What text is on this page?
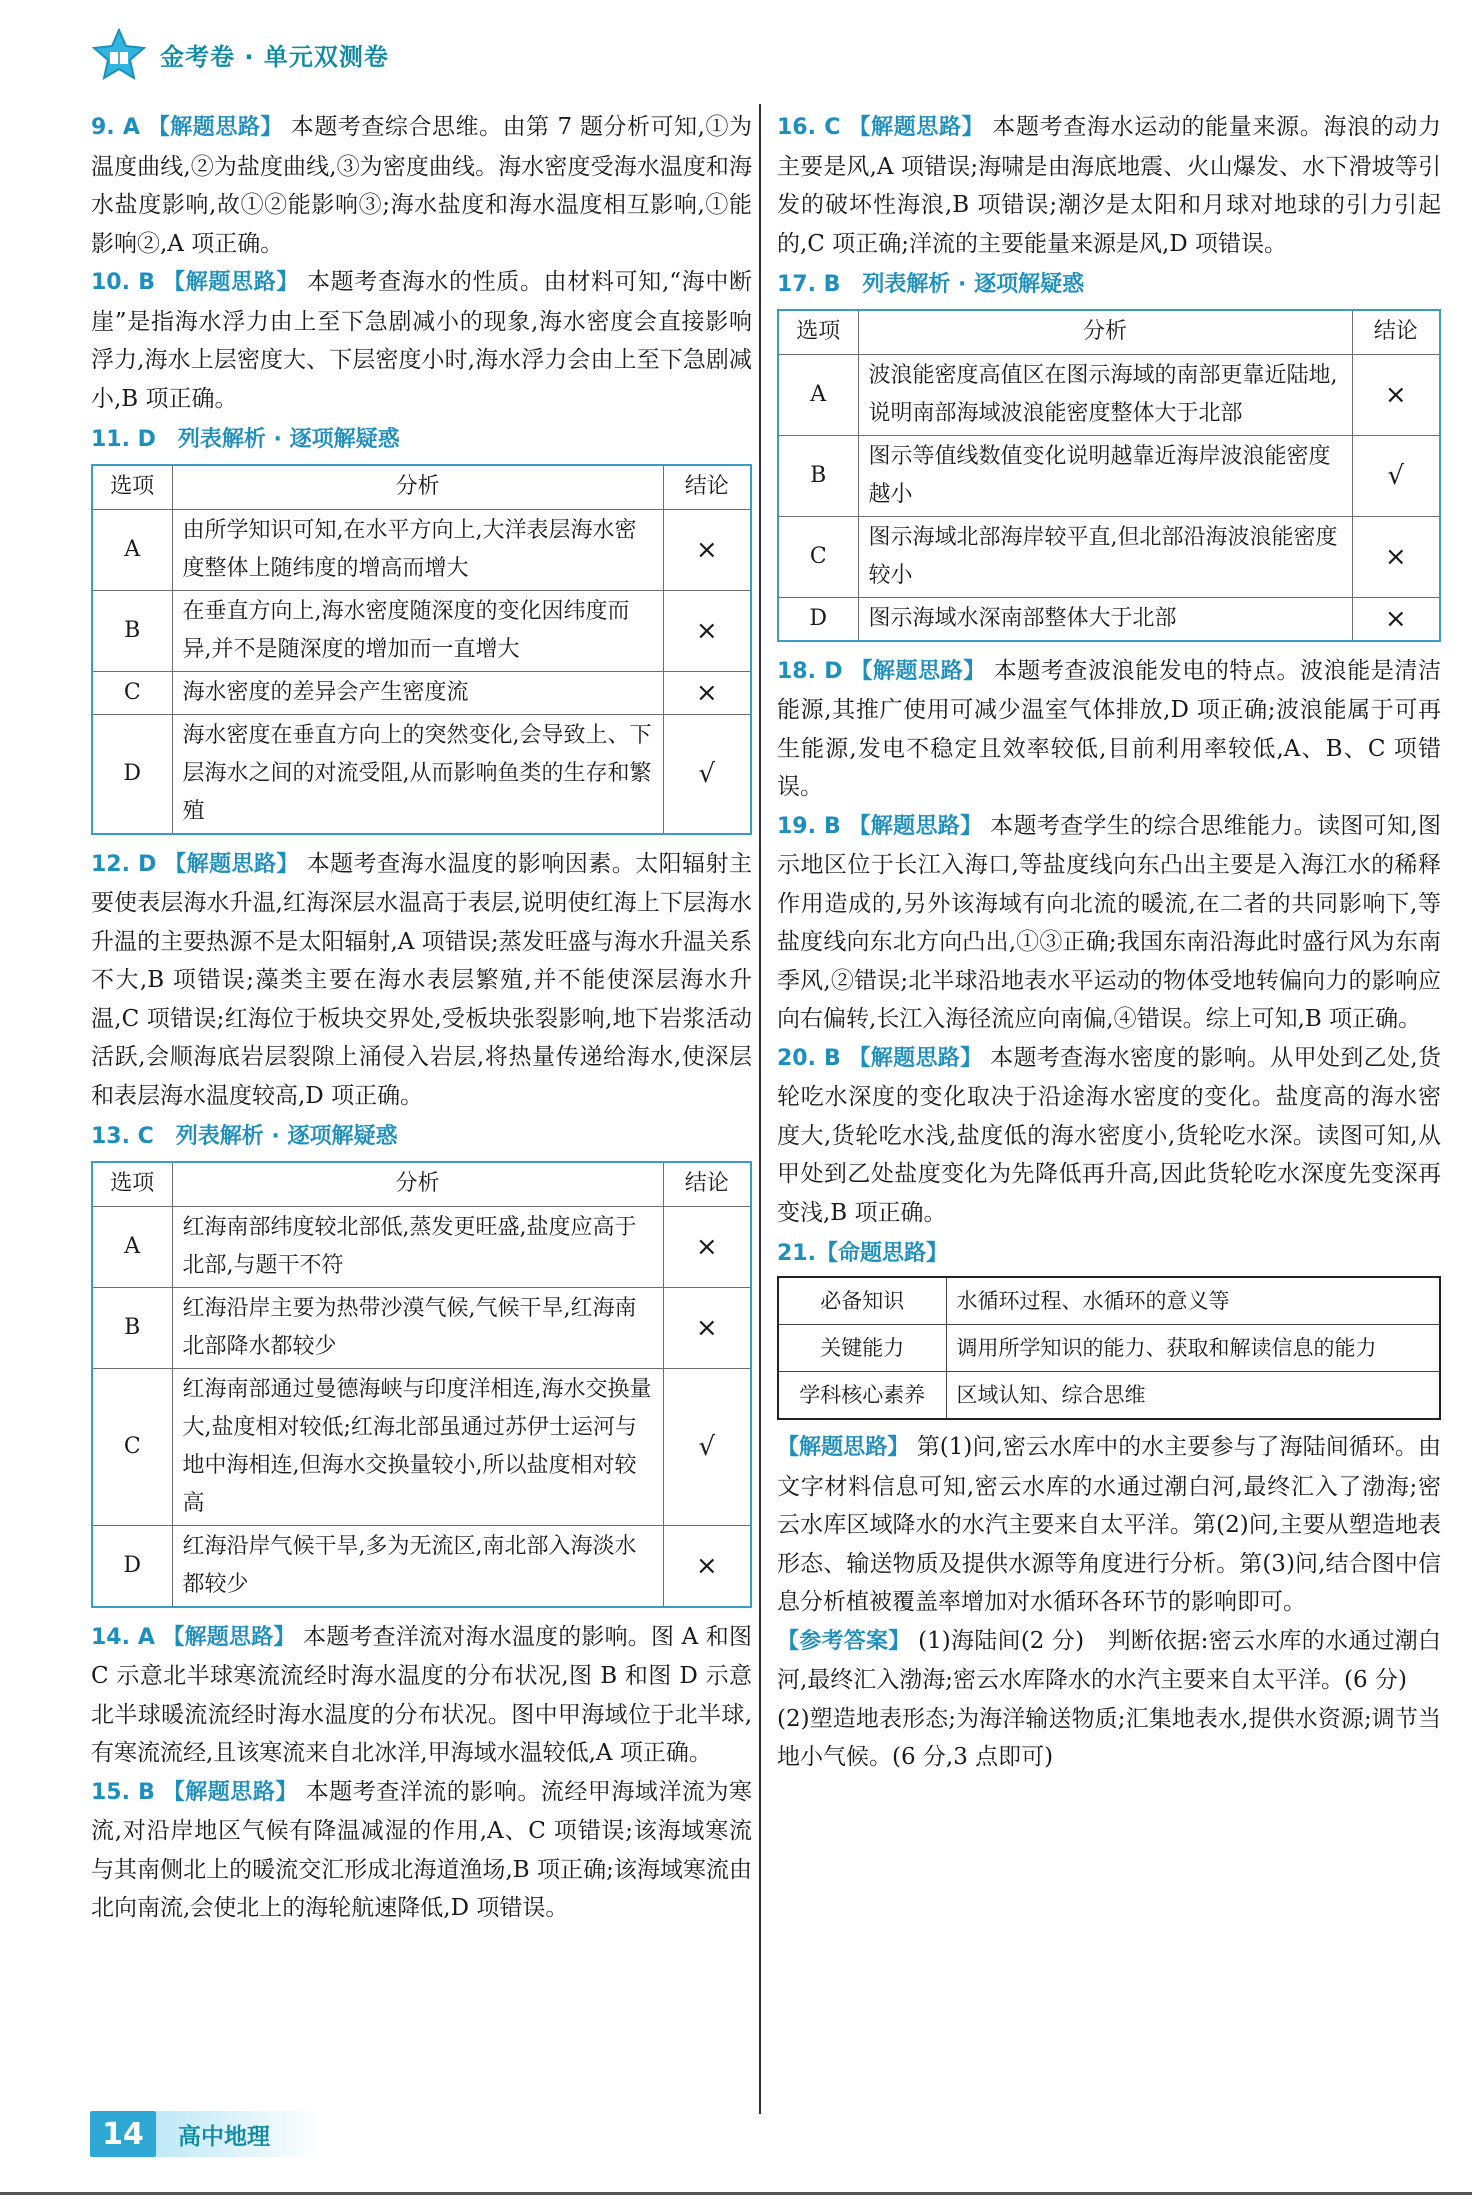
金考卷 · 单元双测卷
9. A 【解题思路】 本题考查综合思维。由第 7 题分析可知,①为温度曲线,②为盐度曲线,③为密度曲线。海水密度受海水温度和海水盐度影响,故①②能影响③;海水盐度和海水温度相互影响,①能影响②,A 项正确。
10. B 【解题思路】 本题考查海水的性质。由材料可知,“海中断崖”是指海水浮力由上至下急剧减小的现象,海水密度会直接影响浮力,海水上层密度大、下层密度小时,海水浮力会由上至下急剧减小,B 项正确。
11. D　列表解析 · 逐项解疑惑
选项	分析	结论
A	由所学知识可知,在水平方向上,大洋表层海水密度整体上随纬度的增高而增大	×
B	在垂直方向上,海水密度随深度的变化因纬度而异,并不是随深度的增加而一直增大	×
C	海水密度的差异会产生密度流	×
D	海水密度在垂直方向上的突然变化,会导致上、下层海水之间的对流受阻,从而影响鱼类的生存和繁殖	√
12. D 【解题思路】 本题考查海水温度的影响因素。太阳辐射主要使表层海水升温,红海深层水温高于表层,说明使红海上下层海水升温的主要热源不是太阳辐射,A 项错误;蒸发旺盛与海水升温关系不大,B 项错误;藻类主要在海水表层繁殖,并不能使深层海水升温,C 项错误;红海位于板块交界处,受板块张裂影响,地下岩浆活动活跃,会顺海底岩层裂隙上涌侵入岩层,将热量传递给海水,使深层和表层海水温度较高,D 项正确。
13. C　列表解析 · 逐项解疑惑
选项	分析	结论
A	红海南部纬度较北部低,蒸发更旺盛,盐度应高于北部,与题干不符	×
B	红海沿岸主要为热带沙漠气候,气候干旱,红海南北部降水都较少	×
C	红海南部通过曼德海峡与印度洋相连,海水交换量大,盐度相对较低;红海北部虽通过苏伊士运河与地中海相连,但海水交换量较小,所以盐度相对较高	√
D	红海沿岸气候干旱,多为无流区,南北部入海淡水都较少	×
14. A 【解题思路】 本题考查洋流对海水温度的影响。图 A 和图 C 示意北半球寒流流经时海水温度的分布状况,图 B 和图 D 示意北半球暖流流经时海水温度的分布状况。图中甲海域位于北半球,有寒流流经,且该寒流来自北冰洋,甲海域水温较低,A 项正确。
15. B 【解题思路】 本题考查洋流的影响。流经甲海域洋流为寒流,对沿岸地区气候有降温减湿的作用,A、C 项错误;该海域寒流与其南侧北上的暖流交汇形成北海道渔场,B 项正确;该海域寒流由北向南流,会使北上的海轮航速降低,D 项错误。
16. C 【解题思路】 本题考查海水运动的能量来源。海浪的动力主要是风,A 项错误;海啸是由海底地震、火山爆发、水下滑坡等引发的破坏性海浪,B 项错误;潮汐是太阳和月球对地球的引力引起的,C 项正确;洋流的主要能量来源是风,D 项错误。
17. B　列表解析 · 逐项解疑惑
选项	分析	结论
A	波浪能密度高值区在图示海域的南部更靠近陆地,说明南部海域波浪能密度整体大于北部	×
B	图示等值线数值变化说明越靠近海岸波浪能密度越小	√
C	图示海域北部海岸较平直,但北部沿海波浪能密度较小	×
D	图示海域水深南部整体大于北部	×
18. D 【解题思路】 本题考查波浪能发电的特点。波浪能是清洁能源,其推广使用可减少温室气体排放,D 项正确;波浪能属于可再生能源,发电不稳定且效率较低,目前利用率较低,A、B、C 项错误。
19. B 【解题思路】 本题考查学生的综合思维能力。读图可知,图示地区位于长江入海口,等盐度线向东凸出主要是入海江水的稀释作用造成的,另外该海域有向北流的暖流,在二者的共同影响下,等盐度线向东北方向凸出,①③正确;我国东南沿海此时盛行风为东南季风,②错误;北半球沿地表水平运动的物体受地转偏向力的影响应向右偏转,长江入海径流应向南偏,④错误。综上可知,B 项正确。
20. B 【解题思路】 本题考查海水密度的影响。从甲处到乙处,货轮吃水深度的变化取决于沿途海水密度的变化。盐度高的海水密度大,货轮吃水浅,盐度低的海水密度小,货轮吃水深。读图可知,从甲处到乙处盐度变化为先降低再升高,因此货轮吃水深度先变深再变浅,B 项正确。
21.【命题思路】
必备知识	水循环过程、水循环的意义等
关键能力	调用所学知识的能力、获取和解读信息的能力
学科核心素养	区域认知、综合思维
【解题思路】 第(1)问,密云水库中的水主要参与了海陆间循环。由文字材料信息可知,密云水库的水通过潮白河,最终汇入了渤海;密云水库区域降水的水汽主要来自太平洋。第(2)问,主要从塑造地表形态、输送物质及提供水源等角度进行分析。第(3)问,结合图中信息分析植被覆盖率增加对水循环各环节的影响即可。
【参考答案】 (1)海陆间(2 分)　判断依据:密云水库的水通过潮白河,最终汇入渤海;密云水库降水的水汽主要来自太平洋。(6 分)
(2)塑造地表形态;为海洋输送物质;汇集地表水,提供水资源;调节当地小气候。(6 分,3 点即可)
14	高中地理
